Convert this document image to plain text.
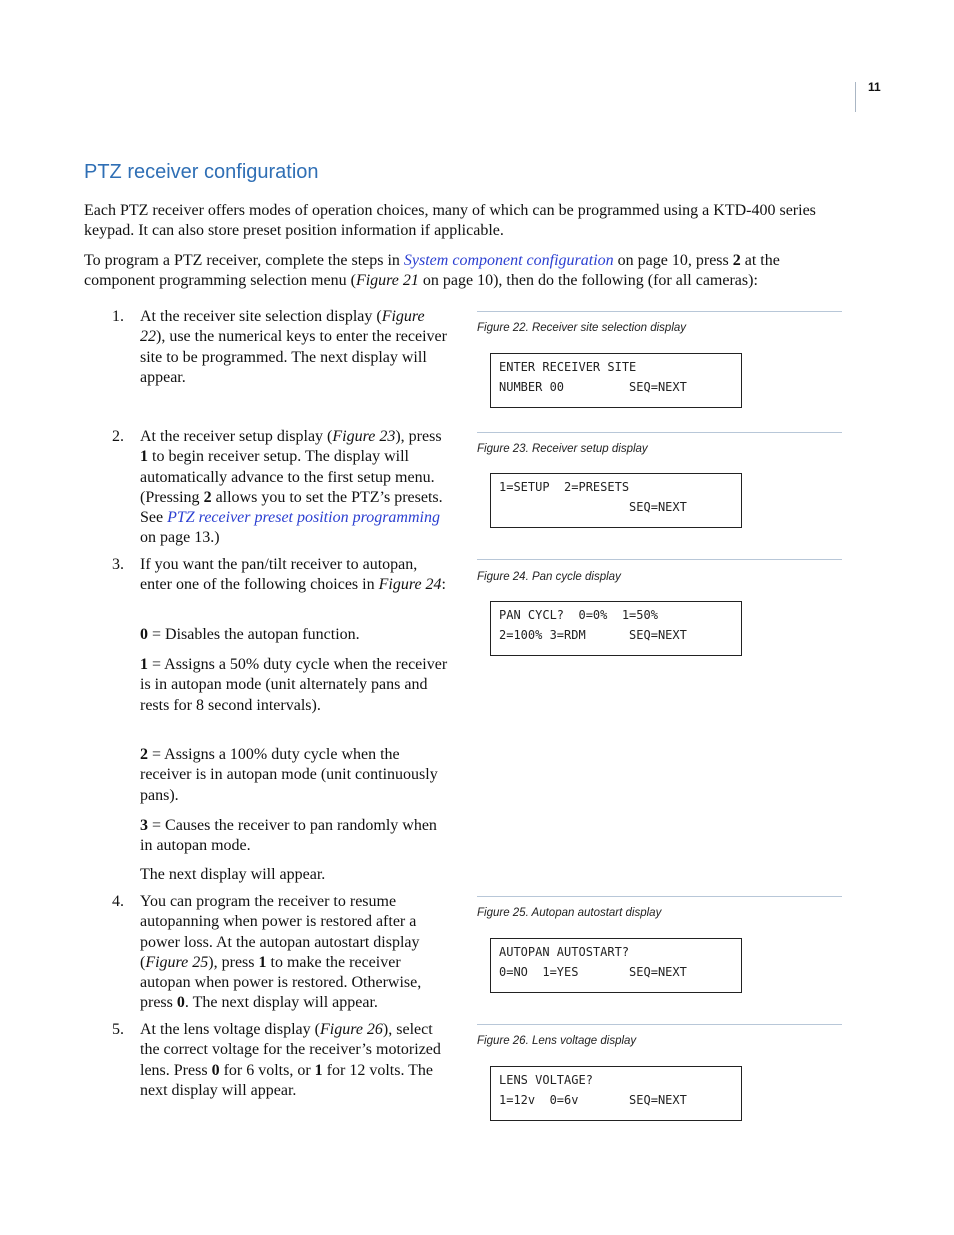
11
PTZ receiver configuration

Each PTZ receiver offers modes of operation choices, many of which can be programmed using a KTD-400 series keypad. It can also store preset position information if applicable.

To program a PTZ receiver, complete the steps in System component configuration on page 10, press 2 at the component programming selection menu (Figure 21 on page 10), then do the following (for all cameras):

1. At the receiver site selection display (Figure 22), use the numerical keys to enter the receiver site to be programmed. The next display will appear.
2. At the receiver setup display (Figure 23), press 1 to begin receiver setup. The display will automatically advance to the first setup menu. (Pressing 2 allows you to set the PTZ’s presets. See PTZ receiver preset position programming on page 13.)
3. If you want the pan/tilt receiver to autopan, enter one of the following choices in Figure 24:

0 = Disables the autopan function.

1 = Assigns a 50% duty cycle when the receiver is in autopan mode (unit alternately pans and rests for 8 second intervals).

2 = Assigns a 100% duty cycle when the receiver is in autopan mode (unit continuously pans).

3 = Causes the receiver to pan randomly when in autopan mode.

The next display will appear.

4. You can program the receiver to resume autopanning when power is restored after a power loss. At the autopan autostart display (Figure 25), press 1 to make the receiver autopan when power is restored. Otherwise, press 0. The next display will appear.
5. At the lens voltage display (Figure 26), select the correct voltage for the receiver’s motorized lens. Press 0 for 6 volts, or 1 for 12 volts. The next display will appear.
Figure 22. Receiver site selection display
ENTER RECEIVER SITE
NUMBER 00         SEQ=NEXT
Figure 23. Receiver setup display
1=SETUP  2=PRESETS
SEQ=NEXT
Figure 24. Pan cycle display
PAN CYCL?  0=0%  1=50%
2=100% 3=RDM      SEQ=NEXT
Figure 25. Autopan autostart display
AUTOPAN AUTOSTART?
0=NO  1=YES       SEQ=NEXT
Figure 26. Lens voltage display
LENS VOLTAGE?
1=12v  0=6v       SEQ=NEXT
